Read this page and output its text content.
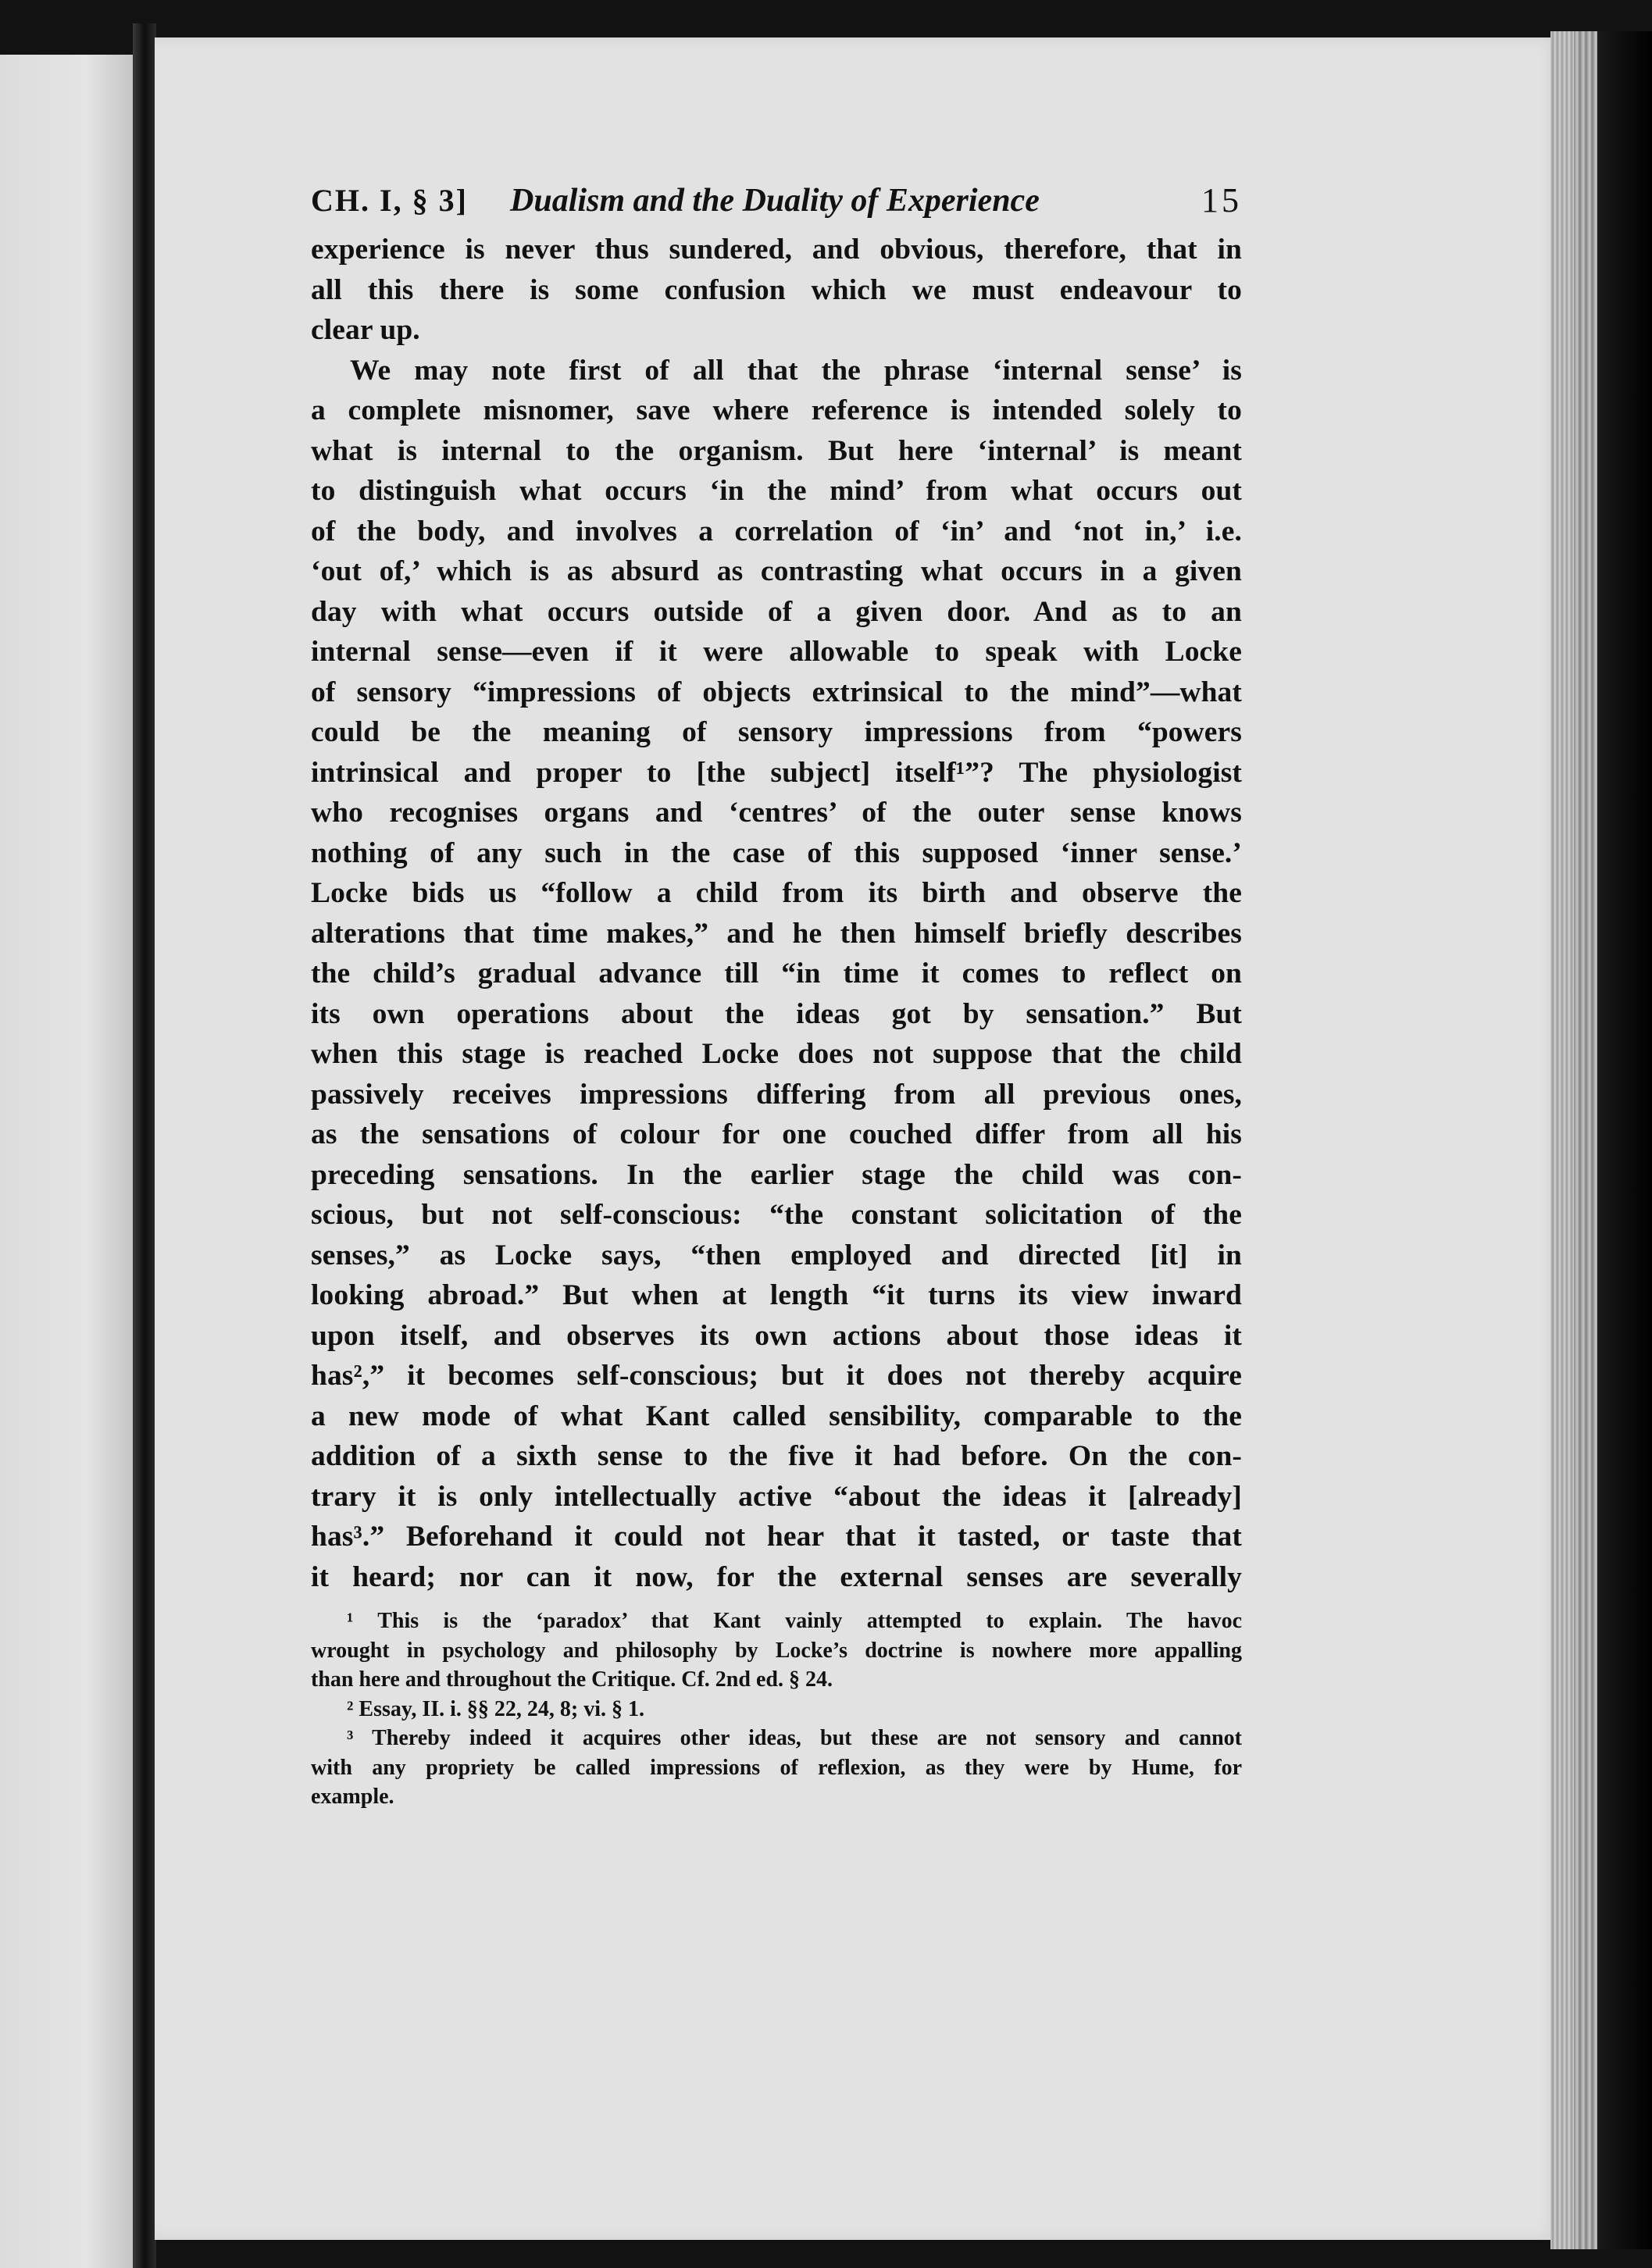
CH. I, § 3] Dualism and the Duality of Experience	15
experience is never thus sundered, and obvious, therefore, that in
all this there is some confusion which we must endeavour to
clear up.
We may note first of all that the phrase ‘internal sense’ is
a complete misnomer, save where reference is intended solely to
what is internal to the organism. But here ‘internal’ is meant
to distinguish what occurs ‘in the mind’ from what occurs out
of the body, and involves a correlation of ‘in’ and ‘not in,’ i.e.
‘out of,’ which is as absurd as contrasting what occurs in a given
day with what occurs outside of a given door. And as to an
internal sense—even if it were allowable to speak with Locke
of sensory “impressions of objects extrinsical to the mind”—what
could be the meaning of sensory impressions from “powers
intrinsical and proper to [the subject] itself¹”? The physiologist
who recognises organs and ‘centres’ of the outer sense knows
nothing of any such in the case of this supposed ‘inner sense.’
Locke bids us “follow a child from its birth and observe the
alterations that time makes,” and he then himself briefly describes
the child’s gradual advance till “in time it comes to reflect on
its own operations about the ideas got by sensation.” But
when this stage is reached Locke does not suppose that the child
passively receives impressions differing from all previous ones,
as the sensations of colour for one couched differ from all his
preceding sensations. In the earlier stage the child was con-
scious, but not self-conscious: “the constant solicitation of the
senses,” as Locke says, “then employed and directed [it] in
looking abroad.” But when at length “it turns its view inward
upon itself, and observes its own actions about those ideas it
has²,” it becomes self-conscious; but it does not thereby acquire
a new mode of what Kant called sensibility, comparable to the
addition of a sixth sense to the five it had before. On the con-
trary it is only intellectually active “about the ideas it [already]
has³.” Beforehand it could not hear that it tasted, or taste that
it heard; nor can it now, for the external senses are severally
¹ This is the ‘paradox’ that Kant vainly attempted to explain. The havoc
wrought in psychology and philosophy by Locke’s doctrine is nowhere more appalling
than here and throughout the Critique. Cf. 2nd ed. § 24.
² Essay, II. i. §§ 22, 24, 8; vi. § 1.
³ Thereby indeed it acquires other ideas, but these are not sensory and cannot
with any propriety be called impressions of reflexion, as they were by Hume, for
example.
